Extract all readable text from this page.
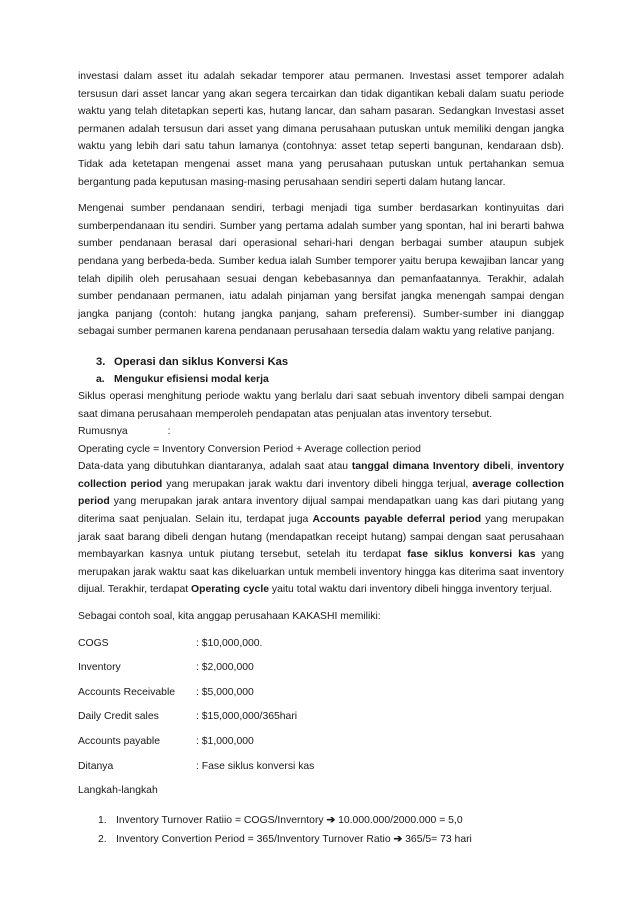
investasi dalam asset itu adalah sekadar temporer atau permanen. Investasi asset temporer adalah tersusun dari asset lancar yang akan segera tercairkan dan tidak digantikan kebali dalam suatu periode waktu yang telah ditetapkan seperti kas, hutang lancar, dan saham pasaran. Sedangkan Investasi asset permanen adalah tersusun dari asset yang dimana perusahaan putuskan untuk memiliki dengan jangka waktu yang lebih dari satu tahun lamanya (contohnya: asset tetap seperti bangunan, kendaraan dsb). Tidak ada ketetapan mengenai asset mana yang perusahaan putuskan untuk pertahankan semua bergantung pada keputusan masing-masing perusahaan sendiri seperti dalam hutang lancar.

Mengenai sumber pendanaan sendiri, terbagi menjadi tiga sumber berdasarkan kontinyuitas dari sumberpendanaan itu sendiri. Sumber yang pertama adalah sumber yang spontan, hal ini berarti bahwa sumber pendanaan berasal dari operasional sehari-hari dengan berbagai sumber ataupun subjek pendana yang berbeda-beda. Sumber kedua ialah Sumber temporer yaitu berupa kewajiban lancar yang telah dipilih oleh perusahaan sesuai dengan kebebasannya dan pemanfaatannya. Terakhir, adalah sumber pendanaan permanen, iatu adalah pinjaman yang bersifat jangka menengah sampai dengan jangka panjang (contoh: hutang jangka panjang, saham preferensi). Sumber-sumber ini dianggap sebagai sumber permanen karena pendanaan perusahaan tersedia dalam waktu yang relative panjang.

3. Operasi dan siklus Konversi Kas
a. Mengukur efisiensi modal kerja

Siklus operasi menghitung periode waktu yang berlalu dari saat sebuah inventory dibeli sampai dengan saat dimana perusahaan memperoleh pendapatan atas penjualan atas inventory tersebut.

Rumusnya	:
Operating cycle = Inventory Conversion Period + Average collection period

Data-data yang dibutuhkan diantaranya, adalah saat atau tanggal dimana Inventory dibeli, inventory collection period yang merupakan jarak waktu dari inventory dibeli hingga terjual, average collection period yang merupakan jarak antara inventory dijual sampai mendapatkan uang kas dari piutang yang diterima saat penjualan. Selain itu, terdapat juga Accounts payable deferral period yang merupakan jarak saat barang dibeli dengan hutang (mendapatkan receipt hutang) sampai dengan saat perusahaan membayarkan kasnya untuk piutang tersebut, setelah itu terdapat fase siklus konversi kas yang merupakan jarak waktu saat kas dikeluarkan untuk membeli inventory hingga kas diterima saat inventory dijual. Terakhir, terdapat Operating cycle yaitu total waktu dari inventory dibeli hingga inventory terjual.

Sebagai contoh soal, kita anggap perusahaan KAKASHI memiliki:

COGS	: $10,000,000.
Inventory	: $2,000,000
Accounts Receivable	: $5,000,000
Daily Credit sales	: $15,000,000/365hari
Accounts payable	: $1,000,000
Ditanya	: Fase siklus konversi kas
Langkah-langkah
1. Inventory Turnover Ratiio = COGS/Inverntory ➔ 10.000.000/2000.000 = 5,0
2. Inventory Convertion Period = 365/Inventory Turnover Ratio ➔ 365/5= 73 hari
